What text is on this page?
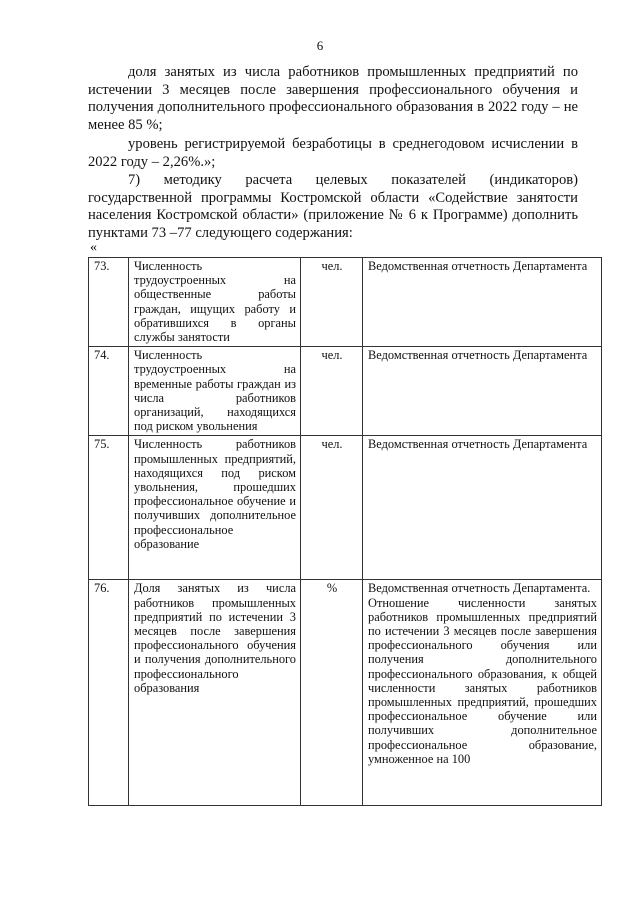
6
доля занятых из числа работников промышленных предприятий по истечении 3 месяцев после завершения профессионального обучения и получения дополнительного профессионального образования в 2022 году – не менее 85 %;
уровень регистрируемой безработицы в среднегодовом исчислении в 2022 году – 2,26%.»;
7) методику расчета целевых показателей (индикаторов) государственной программы Костромской области «Содействие занятости населения Костромской области» (приложение № 6 к Программе) дополнить пунктами 73 –77 следующего содержания:
«
73.	Численность трудоустроенных на общественные работы граждан, ищущих работу и обратившихся в органы службы занятости	чел.	Ведомственная отчетность Департамента
74.	Численность трудоустроенных на временные работы граждан из числа работников организаций, находящихся под риском увольнения	чел.	Ведомственная отчетность Департамента
75.	Численность работников промышленных предприятий, находящихся под риском увольнения, прошедших профессиональное обучение и получивших дополнительное профессиональное образование	чел.	Ведомственная отчетность Департамента
76.	Доля занятых из числа работников промышленных предприятий по истечении 3 месяцев после завершения профессионального обучения и получения дополнительного профессионального образования	%	Ведомственная отчетность Департамента.
Отношение численности занятых работников промышленных предприятий по истечении 3 месяцев после завершения профессионального обучения или получения дополнительного профессионального образования, к общей численности занятых работников промышленных предприятий, прошедших профессиональное обучение или получивших дополнительное профессиональное образование, умноженное на 100
